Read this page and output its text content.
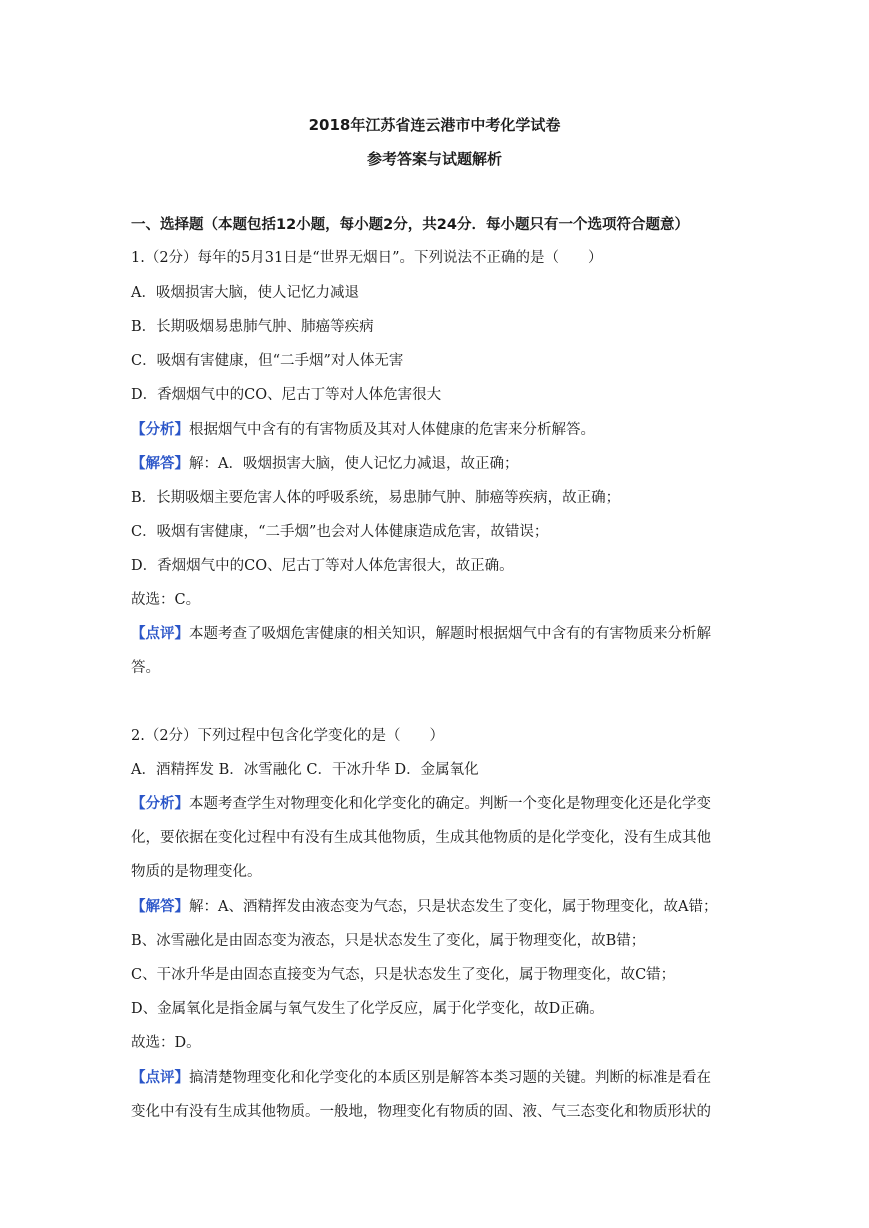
2018年江苏省连云港市中考化学试卷
参考答案与试题解析
一、选择题（本题包括12小题，每小题2分，共24分．每小题只有一个选项符合题意）
1.（2分）每年的5月31日是“世界无烟日”。下列说法不正确的是（　　）
A．吸烟损害大脑，使人记忆力减退
B．长期吸烟易患肺气肿、肺癌等疾病
C．吸烟有害健康，但“二手烟”对人体无害
D．香烟烟气中的CO、尼古丁等对人体危害很大
【分析】根据烟气中含有的有害物质及其对人体健康的危害来分析解答。
【解答】解：A．吸烟损害大脑，使人记忆力减退，故正确；
B．长期吸烟主要危害人体的呼吸系统，易患肺气肿、肺癌等疾病，故正确；
C．吸烟有害健康，“二手烟”也会对人体健康造成危害，故错误；
D．香烟烟气中的CO、尼古丁等对人体危害很大，故正确。
故选：C。
【点评】本题考查了吸烟危害健康的相关知识，解题时根据烟气中含有的有害物质来分析解
答。
2.（2分）下列过程中包含化学变化的是（　　）
A．酒精挥发 B．冰雪融化 C．干冰升华 D．金属氧化
【分析】本题考查学生对物理变化和化学变化的确定。判断一个变化是物理变化还是化学变
化，要依据在变化过程中有没有生成其他物质，生成其他物质的是化学变化，没有生成其他
物质的是物理变化。
【解答】解：A、酒精挥发由液态变为气态，只是状态发生了变化，属于物理变化，故A错；
B、冰雪融化是由固态变为液态，只是状态发生了变化，属于物理变化，故B错；
C、干冰升华是由固态直接变为气态，只是状态发生了变化，属于物理变化，故C错；
D、金属氧化是指金属与氧气发生了化学反应，属于化学变化，故D正确。
故选：D。
【点评】搞清楚物理变化和化学变化的本质区别是解答本类习题的关键。判断的标准是看在
变化中有没有生成其他物质。一般地，物理变化有物质的固、液、气三态变化和物质形状的
